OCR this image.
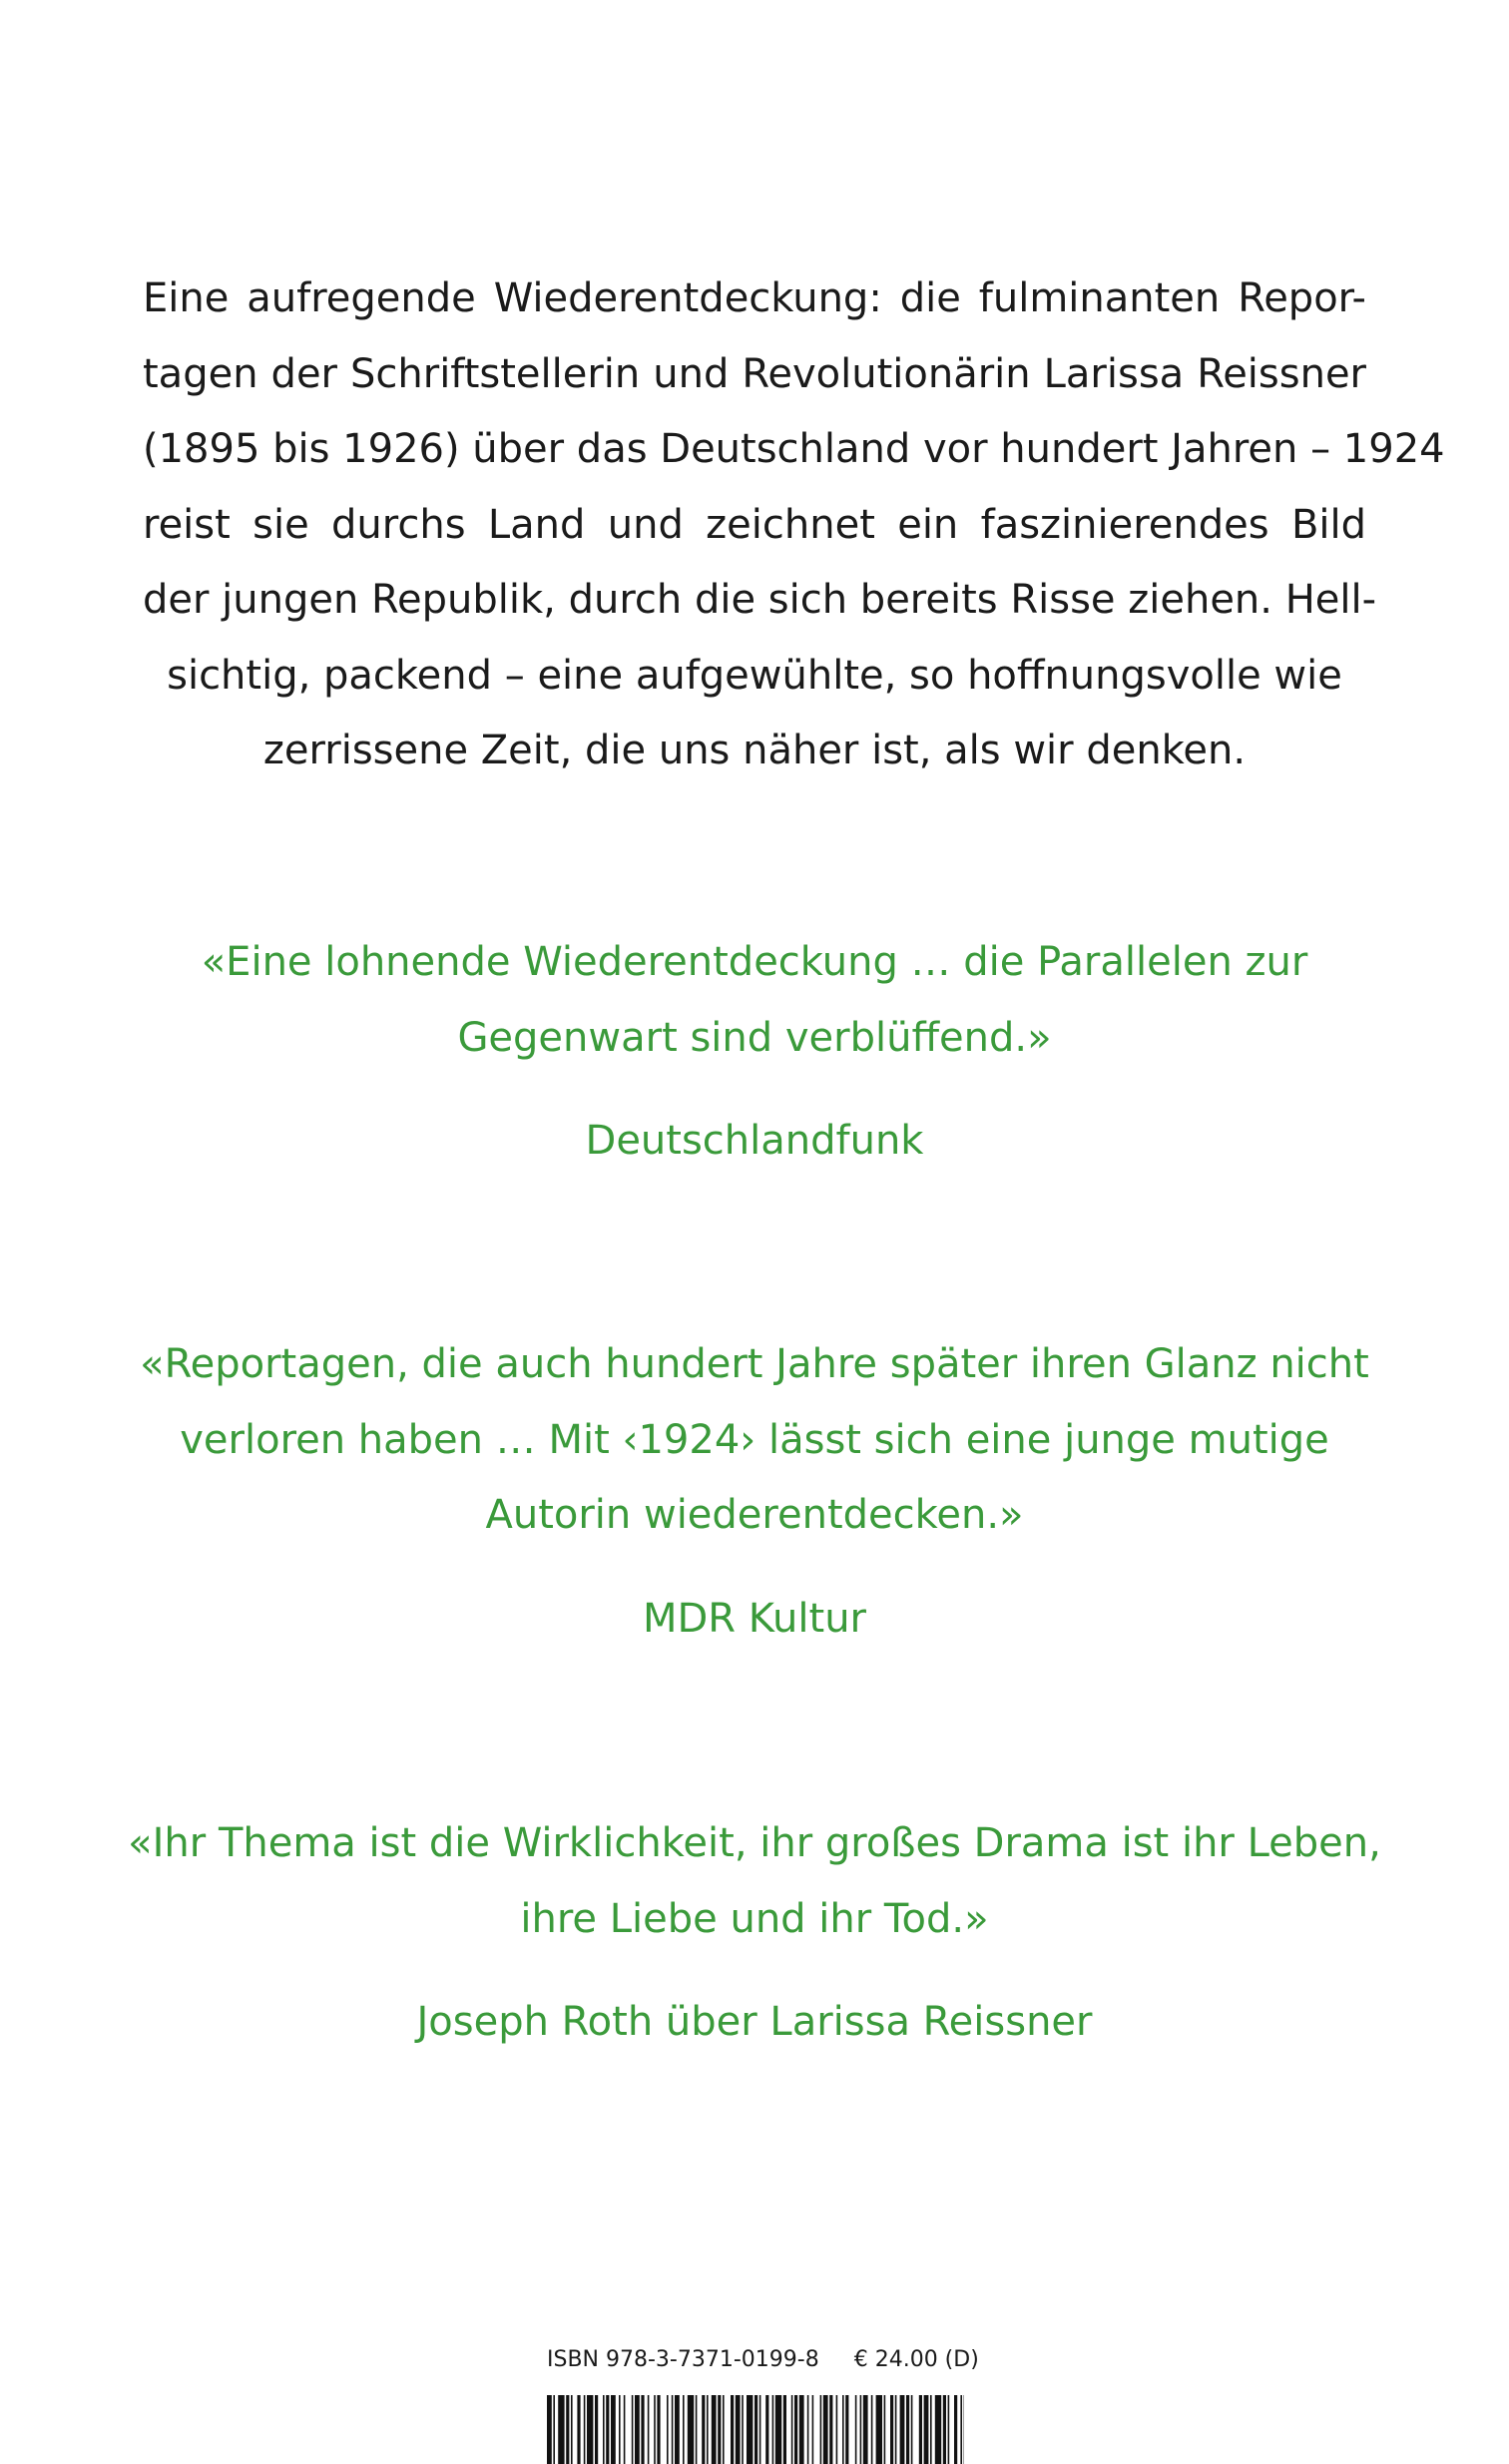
Eine aufregende Wiederentdeckung: die fulminanten Repor-
tagen der Schriftstellerin und Revolutionärin Larissa Reissner
(1895 bis 1926) über das Deutschland vor hundert Jahren – 1924
reist sie durchs Land und zeichnet ein faszinierendes Bild
der jungen Republik, durch die sich bereits Risse ziehen. Hell-
sichtig, packend – eine aufgewühlte, so hoffnungsvolle wie
zerrissene Zeit, die uns näher ist, als wir denken.
«Eine lohnende Wiederentdeckung … die Parallelen zur
Gegenwart sind verblüffend.»
Deutschlandfunk
«Reportagen, die auch hundert Jahre später ihren Glanz nicht
verloren haben … Mit ‹1924› lässt sich eine junge mutige
Autorin wiederentdecken.»
MDR Kultur
«Ihr Thema ist die Wirklichkeit, ihr großes Drama ist ihr Leben,
ihre Liebe und ihr Tod.»
Joseph Roth über Larissa Reissner
ISBN 978-3-7371-0199-8 € 24.00 (D)
